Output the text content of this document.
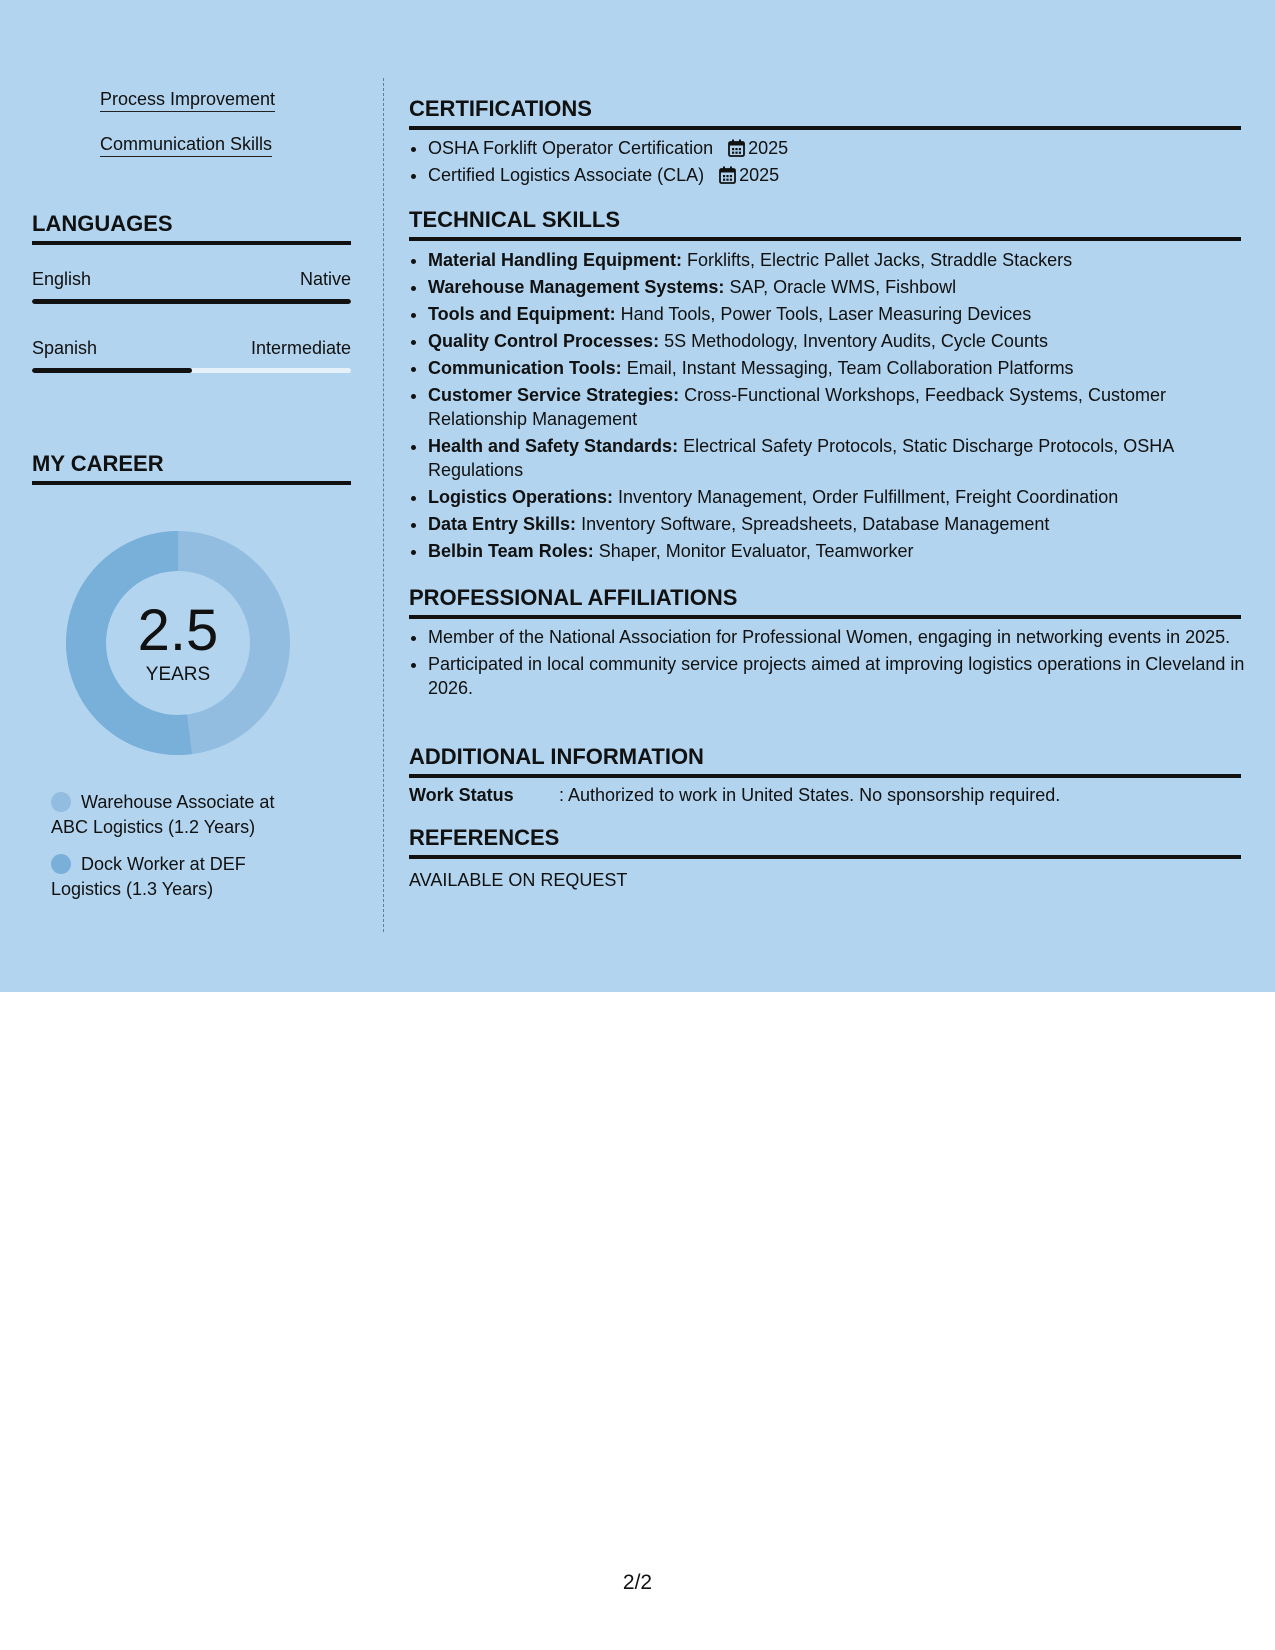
Process Improvement
Communication Skills
LANGUAGES
English	Native
Spanish	Intermediate
MY CAREER
2.5
YEARS
Warehouse Associate at ABC Logistics (1.2 Years)
Dock Worker at DEF Logistics (1.3 Years)
CERTIFICATIONS
• OSHA Forklift Operator Certification 2025
• Certified Logistics Associate (CLA) 2025
TECHNICAL SKILLS
• Material Handling Equipment: Forklifts, Electric Pallet Jacks, Straddle Stackers
• Warehouse Management Systems: SAP, Oracle WMS, Fishbowl
• Tools and Equipment: Hand Tools, Power Tools, Laser Measuring Devices
• Quality Control Processes: 5S Methodology, Inventory Audits, Cycle Counts
• Communication Tools: Email, Instant Messaging, Team Collaboration Platforms
• Customer Service Strategies: Cross-Functional Workshops, Feedback Systems, Customer Relationship Management
• Health and Safety Standards: Electrical Safety Protocols, Static Discharge Protocols, OSHA Regulations
• Logistics Operations: Inventory Management, Order Fulfillment, Freight Coordination
• Data Entry Skills: Inventory Software, Spreadsheets, Database Management
• Belbin Team Roles: Shaper, Monitor Evaluator, Teamworker
PROFESSIONAL AFFILIATIONS
• Member of the National Association for Professional Women, engaging in networking events in 2025.
• Participated in local community service projects aimed at improving logistics operations in Cleveland in 2026.
ADDITIONAL INFORMATION
Work Status	: Authorized to work in United States. No sponsorship required.
REFERENCES
AVAILABLE ON REQUEST
2/2
